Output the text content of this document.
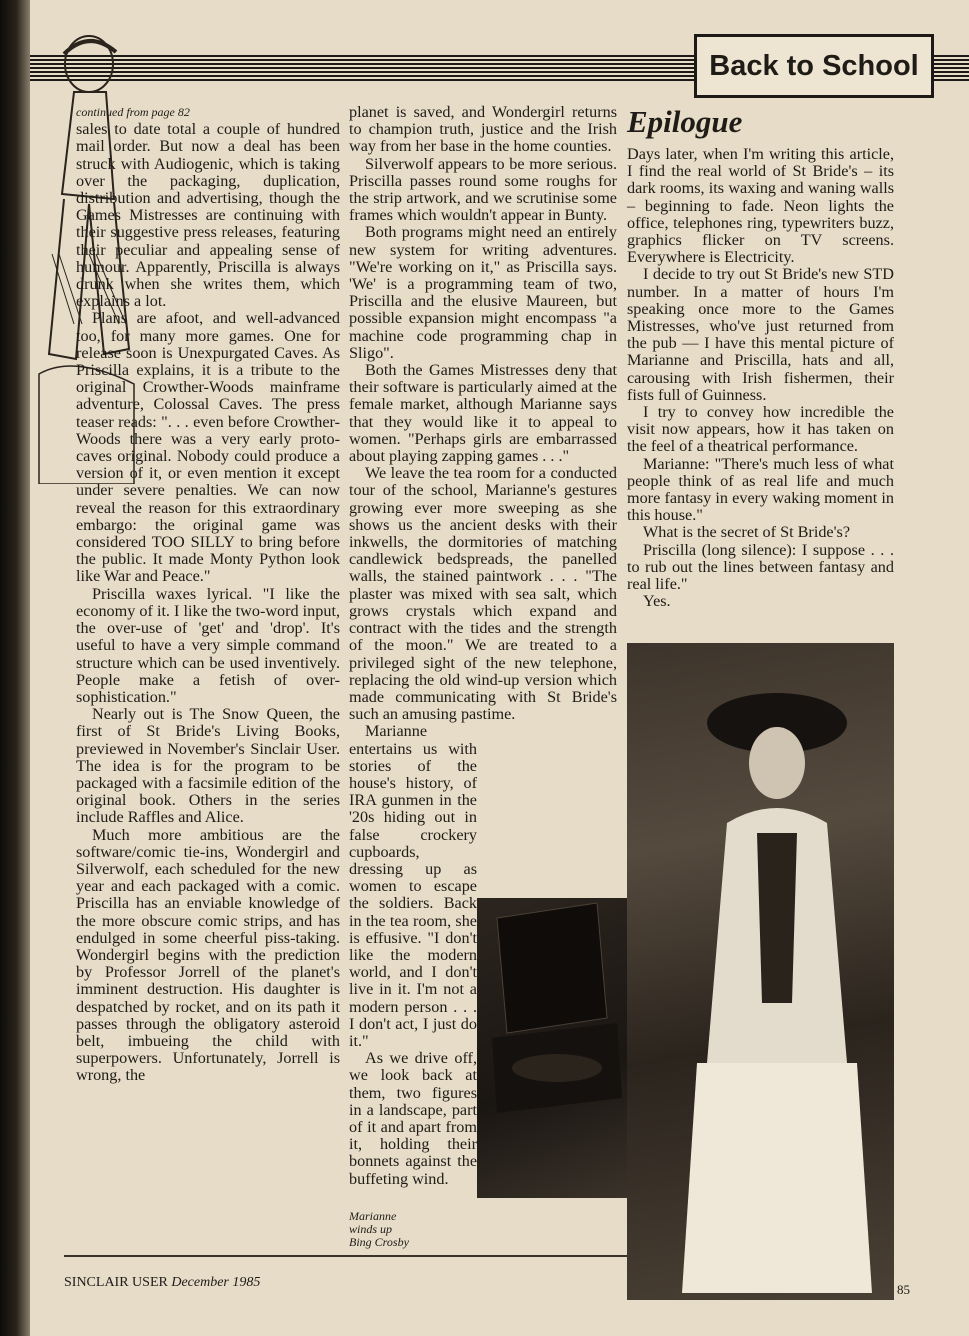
Back to School

continued from page 82

sales to date total a couple of hundred mail order. But now a deal has been struck with Audiogenic, which is taking over the packaging, duplication, distribution and advertising, though the Games Mistresses are continuing with their suggestive press releases, featuring their peculiar and appealing sense of humour. Apparently, Priscilla is always drunk when she writes them, which explains a lot.

Plans are afoot, and well-advanced too, for many more games. One for release soon is Unexpurgated Caves. As Priscilla explains, it is a tribute to the original Crowther-Woods mainframe adventure, Colossal Caves. The press teaser reads: ". . . even before Crowther-Woods there was a very early proto-caves original. Nobody could produce a version of it, or even mention it except under severe penalties. We can now reveal the reason for this extraordinary embargo: the original game was considered TOO SILLY to bring before the public. It made Monty Python look like War and Peace."

Priscilla waxes lyrical. "I like the economy of it. I like the two-word input, the over-use of 'get' and 'drop'. It's useful to have a very simple command structure which can be used inventively. People make a fetish of over-sophistication."

Nearly out is The Snow Queen, the first of St Bride's Living Books, previewed in November's Sinclair User. The idea is for the program to be packaged with a facsimile edition of the original book. Others in the series include Raffles and Alice.

Much more ambitious are the software/comic tie-ins, Wondergirl and Silverwolf, each scheduled for the new year and each packaged with a comic. Priscilla has an enviable knowledge of the more obscure comic strips, and has endulged in some cheerful piss-taking. Wondergirl begins with the prediction by Professor Jorrell of the planet's imminent destruction. His daughter is despatched by rocket, and on its path it passes through the obligatory asteroid belt, imbueing the child with superpowers. Unfortunately, Jorrell is wrong, the

planet is saved, and Wondergirl returns to champion truth, justice and the Irish way from her base in the home counties.

Silverwolf appears to be more serious. Priscilla passes round some roughs for the strip artwork, and we scrutinise some frames which wouldn't appear in Bunty.

Both programs might need an entirely new system for writing adventures. "We're working on it," as Priscilla says. 'We' is a programming team of two, Priscilla and the elusive Maureen, but possible expansion might encompass "a machine code programming chap in Sligo".

Both the Games Mistresses deny that their software is particularly aimed at the female market, although Marianne says that they would like it to appeal to women. "Perhaps girls are embarrassed about playing zapping games . . ."

We leave the tea room for a conducted tour of the school, Marianne's gestures growing ever more sweeping as she shows us the ancient desks with their inkwells, the dormitories of matching candlewick bedspreads, the panelled walls, the stained paintwork . . . "The plaster was mixed with sea salt, which grows crystals which expand and contract with the tides and the strength of the moon." We are treated to a privileged sight of the new telephone, replacing the old wind-up version which made communicating with St Bride's such an amusing pastime.

Marianne entertains us with stories of the house's history, of IRA gunmen in the '20s hiding out in false crockery cupboards, dressing up as women to escape the soldiers. Back in the tea room, she is effusive. "I don't like the modern world, and I don't live in it. I'm not a modern person . . . I don't act, I just do it."

As we drive off, we look back at them, two figures in a landscape, part of it and apart from it, holding their bonnets against the buffeting wind.

Epilogue

Days later, when I'm writing this article, I find the real world of St Bride's – its dark rooms, its waxing and waning walls – beginning to fade. Neon lights the office, telephones ring, typewriters buzz, graphics flicker on TV screens. Everywhere is Electricity.

I decide to try out St Bride's new STD number. In a matter of hours I'm speaking once more to the Games Mistresses, who've just returned from the pub — I have this mental picture of Marianne and Priscilla, hats and all, carousing with Irish fishermen, their fists full of Guinness.

I try to convey how incredible the visit now appears, how it has taken on the feel of a theatrical performance.

Marianne: "There's much less of what people think of as real life and much more fantasy in every waking moment in this house."

What is the secret of St Bride's?

Priscilla (long silence): I suppose . . . to rub out the lines between fantasy and real life."

Yes.

Marianne
winds up
Bing Crosby
SINCLAIR USER December 1985	85
